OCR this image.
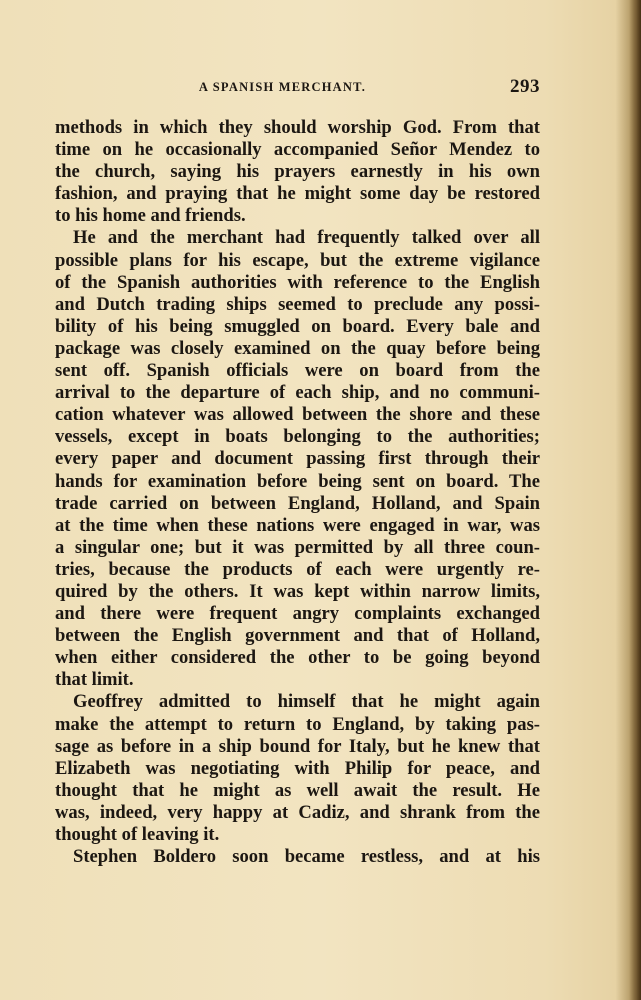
A SPANISH MERCHANT.	293
methods in which they should worship God. From that
time on he occasionally accompanied Señor Mendez to
the church, saying his prayers earnestly in his own
fashion, and praying that he might some day be restored
to his home and friends.
He and the merchant had frequently talked over all
possible plans for his escape, but the extreme vigilance
of the Spanish authorities with reference to the English
and Dutch trading ships seemed to preclude any possi-
bility of his being smuggled on board. Every bale and
package was closely examined on the quay before being
sent off. Spanish officials were on board from the
arrival to the departure of each ship, and no communi-
cation whatever was allowed between the shore and these
vessels, except in boats belonging to the authorities;
every paper and document passing first through their
hands for examination before being sent on board. The
trade carried on between England, Holland, and Spain
at the time when these nations were engaged in war, was
a singular one; but it was permitted by all three coun-
tries, because the products of each were urgently re-
quired by the others. It was kept within narrow limits,
and there were frequent angry complaints exchanged
between the English government and that of Holland,
when either considered the other to be going beyond
that limit.
Geoffrey admitted to himself that he might again
make the attempt to return to England, by taking pas-
sage as before in a ship bound for Italy, but he knew that
Elizabeth was negotiating with Philip for peace, and
thought that he might as well await the result. He
was, indeed, very happy at Cadiz, and shrank from the
thought of leaving it.
Stephen Boldero soon became restless, and at his
